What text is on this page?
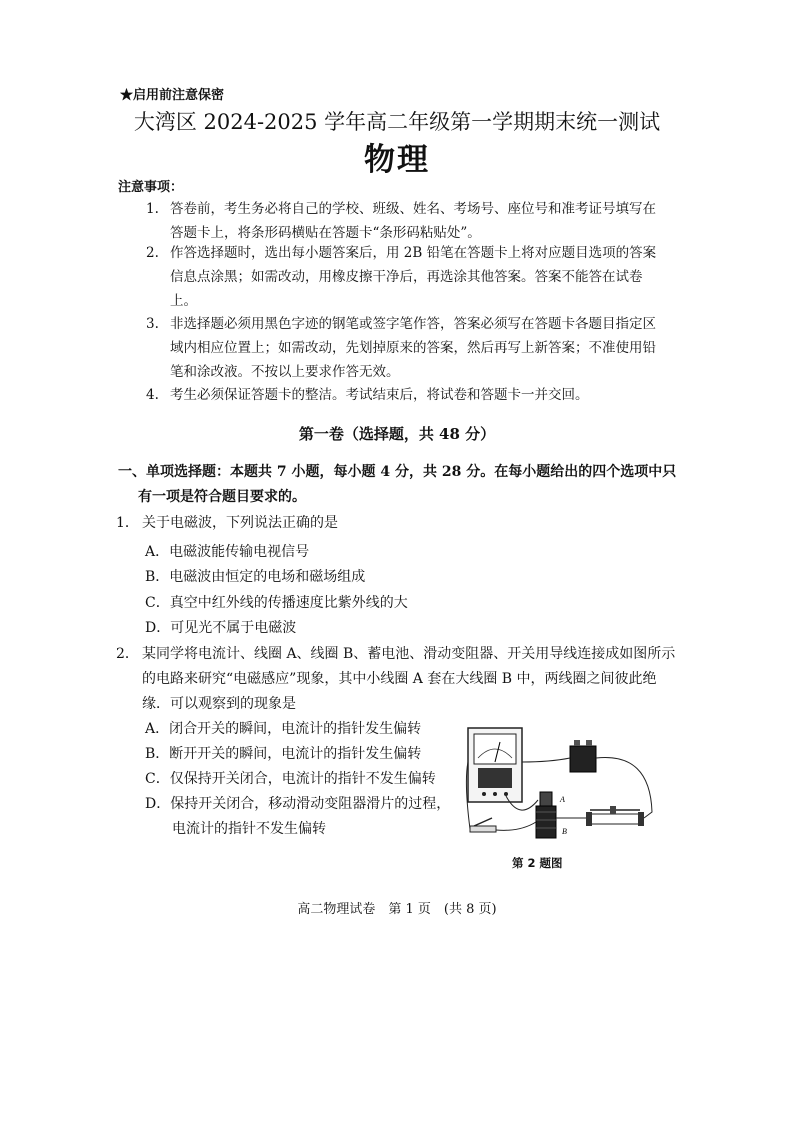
★启用前注意保密
大湾区 2024-2025 学年高二年级第一学期期末统一测试
物理
注意事项：
1. 答卷前，考生务必将自己的学校、班级、姓名、考场号、座位号和准考证号填写在答题卡上，将条形码横贴在答题卡“条形码粘贴处”。
2. 作答选择题时，选出每小题答案后，用 2B 铅笔在答题卡上将对应题目选项的答案信息点涂黑；如需改动，用橡皮擦干净后，再选涂其他答案。答案不能答在试卷上。
3. 非选择题必须用黑色字迹的钢笔或签字笔作答，答案必须写在答题卡各题目指定区域内相应位置上；如需改动，先划掉原来的答案，然后再写上新答案；不准使用铅笔和涂改液。不按以上要求作答无效。
4. 考生必须保证答题卡的整洁。考试结束后，将试卷和答题卡一并交回。
第一卷（选择题，共 48 分）
一、单项选择题：本题共 7 小题，每小题 4 分，共 28 分。在每小题给出的四个选项中只
有一项是符合题目要求的。
1． 关于电磁波，下列说法正确的是
A．电磁波能传输电视信号
B．电磁波由恒定的电场和磁场组成
C．真空中红外线的传播速度比紫外线的大
D．可见光不属于电磁波
2． 某同学将电流计、线圈 A、线圈 B、蓄电池、滑动变阻器、开关用导线连接成如图所示的电路来研究“电磁感应”现象，其中小线圈 A 套在大线圈 B 中，两线圈之间彼此绝缘．可以观察到的现象是
A．闭合开关的瞬间，电流计的指针发生偏转
B．断开开关的瞬间，电流计的指针发生偏转
C．仅保持开关闭合，电流计的指针不发生偏转
D．保持开关闭合，移动滑动变阻器滑片的过程，
电流计的指针不发生偏转
A
B
第 2 题图
高二物理试卷　第 1 页　(共 8 页)
